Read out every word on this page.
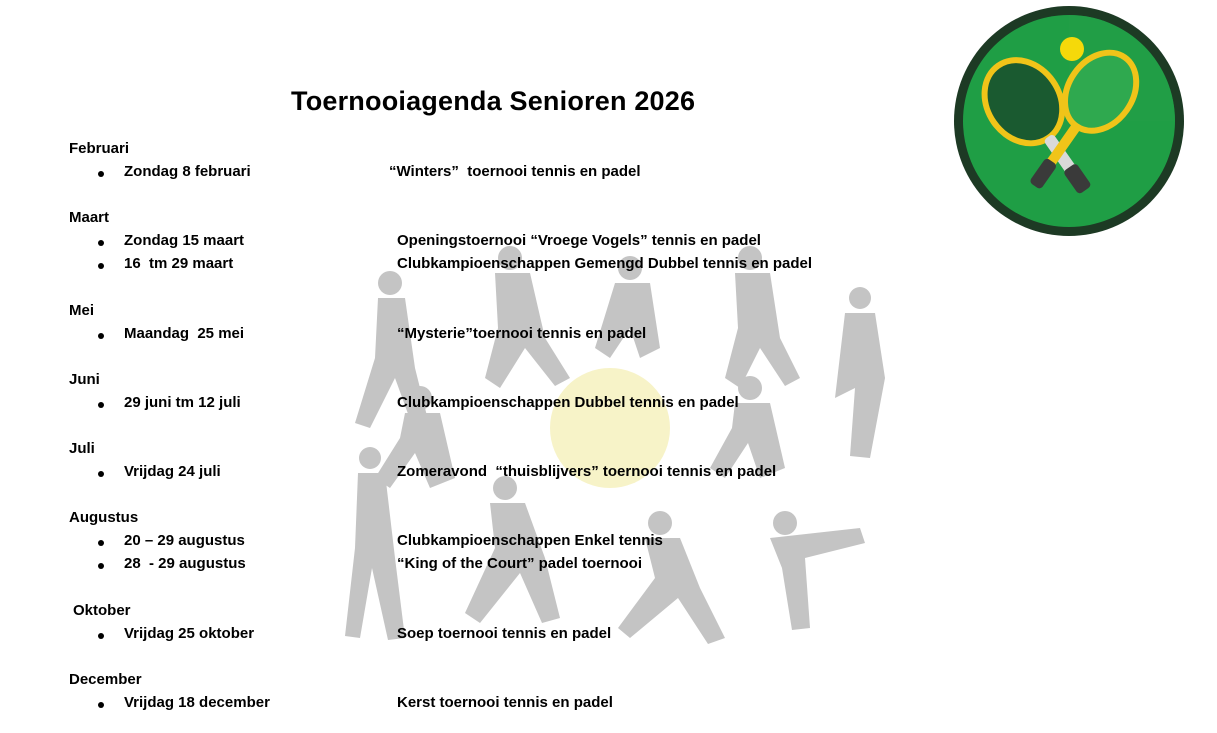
Toernooiagenda Senioren 2026
Februari
Zondag 8 februari	“Winters”  toernooi tennis en padel
Maart
Zondag 15 maart	Openingstoernooi “Vroege Vogels” tennis en padel
16  tm 29 maart	Clubkampioenschappen Gemengd Dubbel tennis en padel
Mei
Maandag  25 mei	“Mysterie”toernooi tennis en padel
Juni
29 juni tm 12 juli	Clubkampioenschappen Dubbel tennis en padel
Juli
Vrijdag 24 juli	Zomeravond  “thuisblijvers” toernooi tennis en padel
Augustus
20 – 29 augustus	Clubkampioenschappen Enkel tennis
28  - 29 augustus	“King of the Court” padel toernooi
Oktober
Vrijdag 25 oktober	Soep toernooi tennis en padel
December
Vrijdag 18 december	Kerst toernooi tennis en padel
